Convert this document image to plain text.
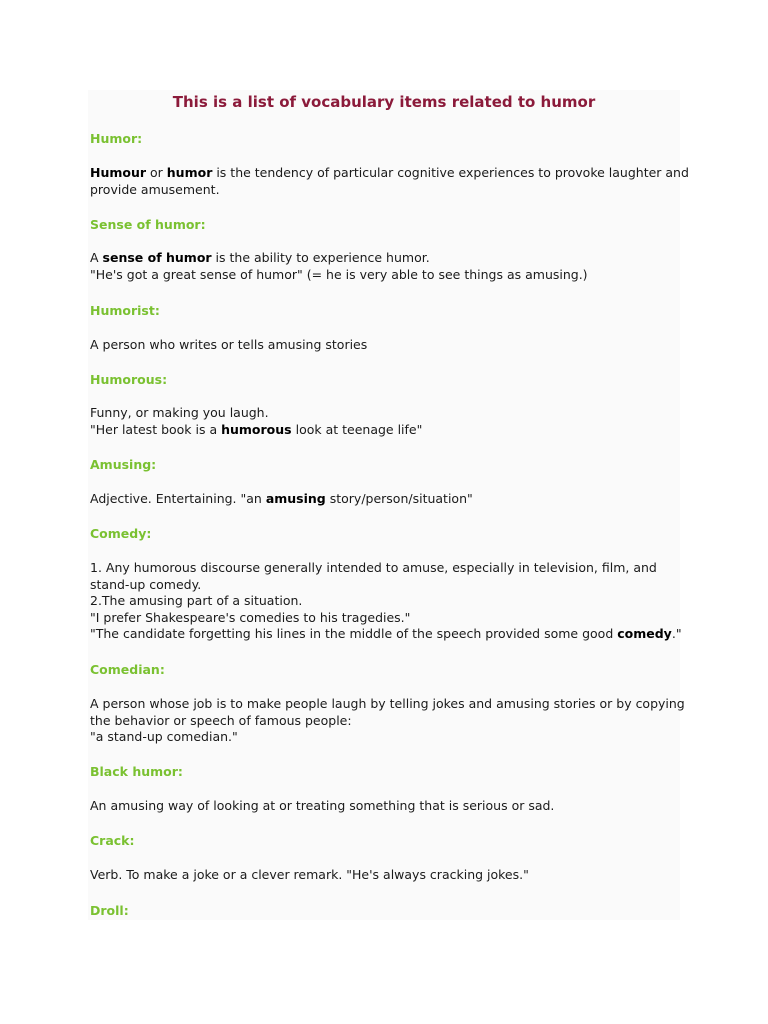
This is a list of vocabulary items related to humor

Humor:

Humour or humor is the tendency of particular cognitive experiences to provoke laughter and
provide amusement.

Sense of humor:

A sense of humor is the ability to experience humor.
"He's got a great sense of humor" (= he is very able to see things as amusing.)

Humorist:

A person who writes or tells amusing stories

Humorous:

Funny, or making you laugh.
"Her latest book is a humorous look at teenage life"

Amusing:

Adjective. Entertaining. "an amusing story/person/situation"

Comedy:

1. Any humorous discourse generally intended to amuse, especially in television, film, and
stand-up comedy.
2.The amusing part of a situation.
"I prefer Shakespeare's comedies to his tragedies."
"The candidate forgetting his lines in the middle of the speech provided some good comedy."

Comedian:

A person whose job is to make people laugh by telling jokes and amusing stories or by copying
the behavior or speech of famous people:
"a stand-up comedian."

Black humor:

An amusing way of looking at or treating something that is serious or sad.

Crack:

Verb. To make a joke or a clever remark. "He's always cracking jokes."

Droll:
